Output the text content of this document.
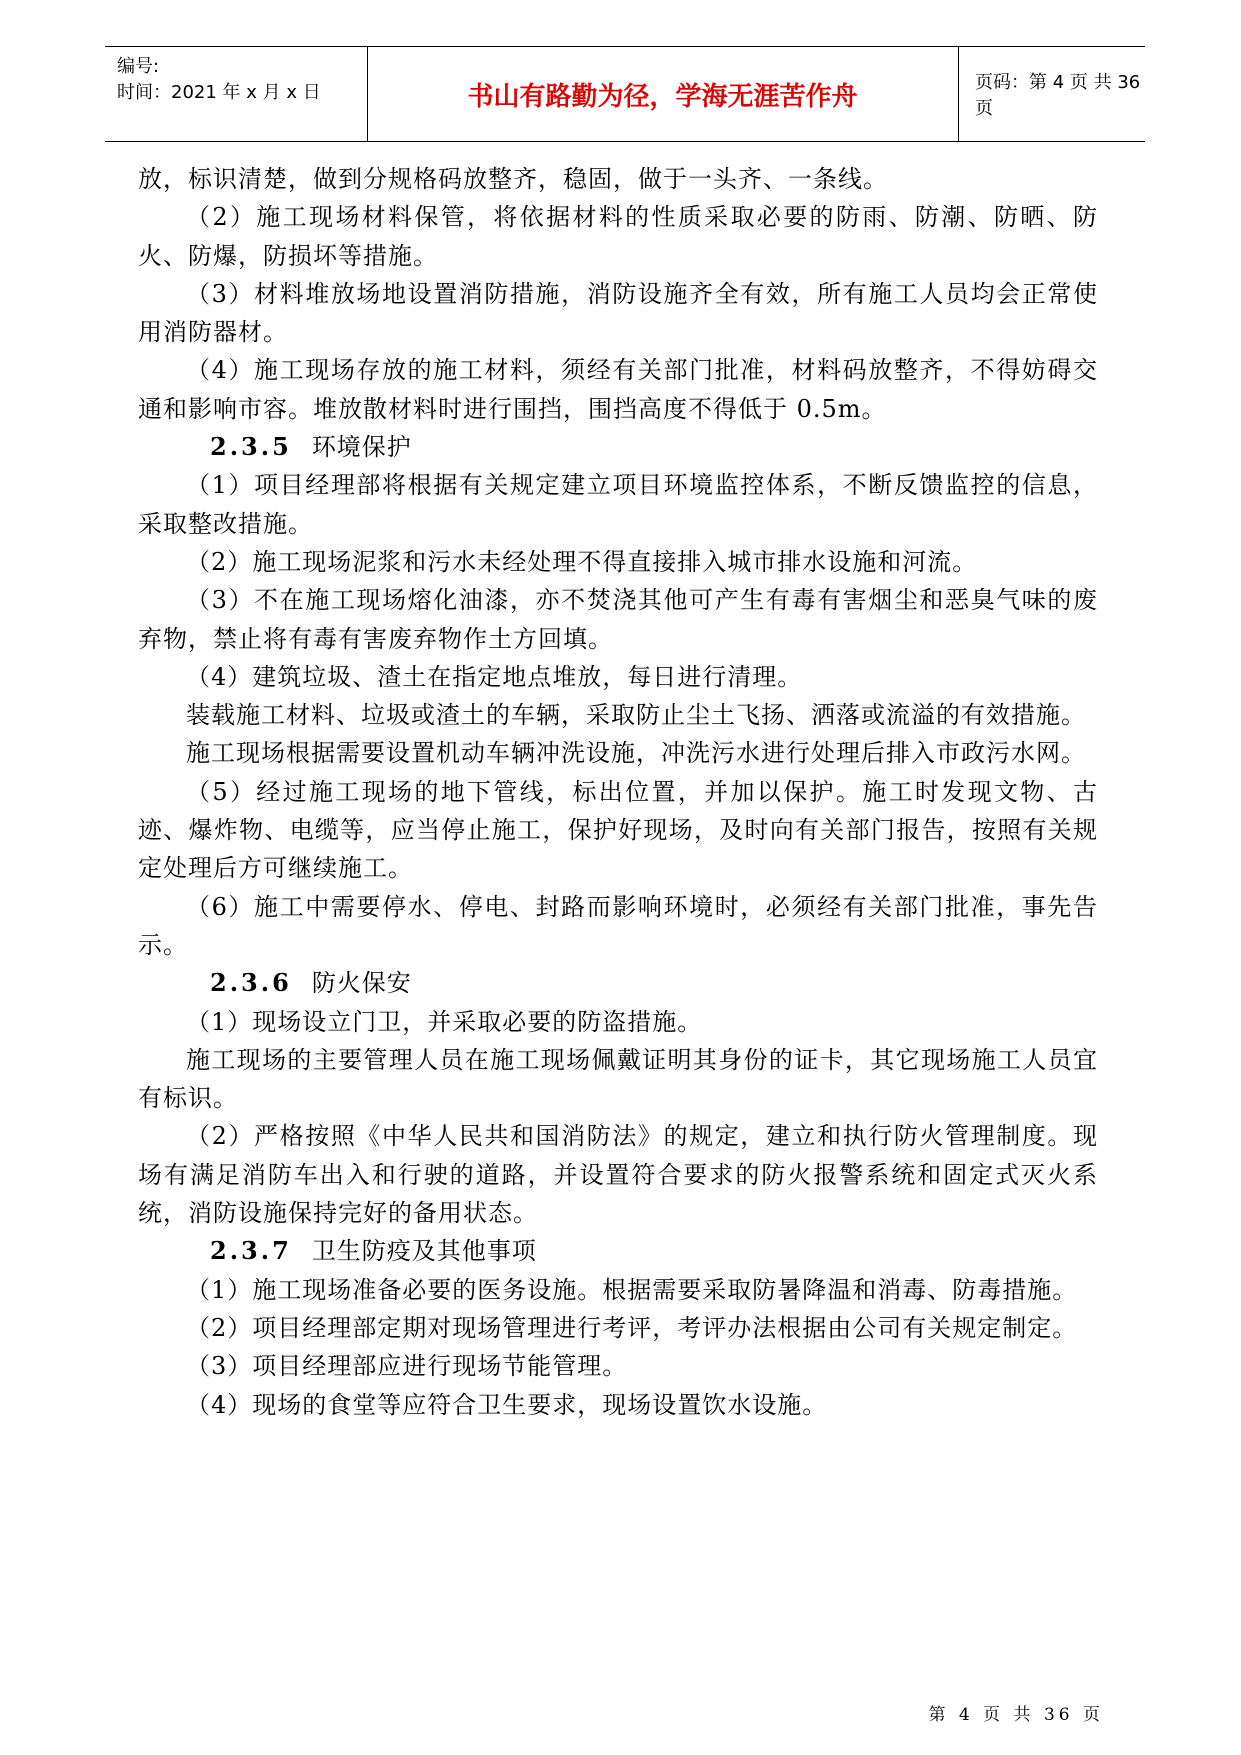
编号:
时间：2021 年 x 月 x 日	书山有路勤为径，学海无涯苦作舟	页码：第 4 页 共 36 页

放，标识清楚，做到分规格码放整齐，稳固，做于一头齐、一条线。

（2）施工现场材料保管，将依据材料的性质采取必要的防雨、防潮、防晒、防火、防爆，防损坏等措施。

（3）材料堆放场地设置消防措施，消防设施齐全有效，所有施工人员均会正常使用消防器材。

（4）施工现场存放的施工材料，须经有关部门批准，材料码放整齐，不得妨碍交通和影响市容。堆放散材料时进行围挡，围挡高度不得低于 0.5m。

2.3.5 环境保护

（1）项目经理部将根据有关规定建立项目环境监控体系，不断反馈监控的信息，采取整改措施。

（2）施工现场泥浆和污水未经处理不得直接排入城市排水设施和河流。

（3）不在施工现场熔化油漆，亦不焚浇其他可产生有毒有害烟尘和恶臭气味的废弃物，禁止将有毒有害废弃物作土方回填。

（4）建筑垃圾、渣土在指定地点堆放，每日进行清理。

装载施工材料、垃圾或渣土的车辆，采取防止尘土飞扬、洒落或流溢的有效措施。

施工现场根据需要设置机动车辆冲洗设施，冲洗污水进行处理后排入市政污水网。

（5）经过施工现场的地下管线，标出位置，并加以保护。施工时发现文物、古迹、爆炸物、电缆等，应当停止施工，保护好现场，及时向有关部门报告，按照有关规定处理后方可继续施工。

（6）施工中需要停水、停电、封路而影响环境时，必须经有关部门批准，事先告示。

2.3.6 防火保安

（1）现场设立门卫，并采取必要的防盗措施。

施工现场的主要管理人员在施工现场佩戴证明其身份的证卡，其它现场施工人员宜有标识。

（2）严格按照《中华人民共和国消防法》的规定，建立和执行防火管理制度。现场有满足消防车出入和行驶的道路，并设置符合要求的防火报警系统和固定式灭火系统，消防设施保持完好的备用状态。

2.3.7 卫生防疫及其他事项

（1）施工现场准备必要的医务设施。根据需要采取防暑降温和消毒、防毒措施。

（2）项目经理部定期对现场管理进行考评，考评办法根据由公司有关规定制定。

（3）项目经理部应进行现场节能管理。

（4）现场的食堂等应符合卫生要求，现场设置饮水设施。

第 4 页 共 36 页
